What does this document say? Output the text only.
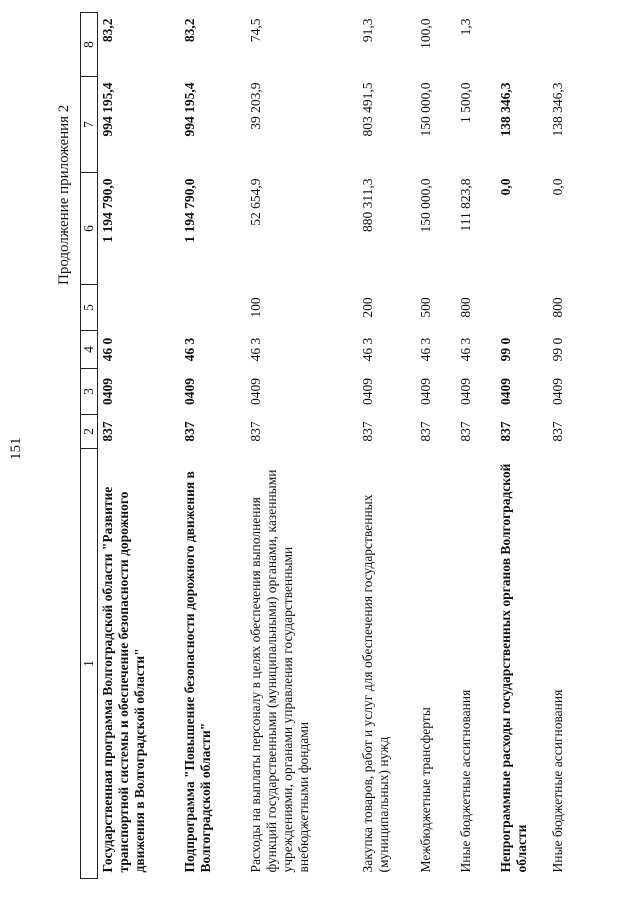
151
Продолжение приложения 2
1	2	3	4	5	6	7	8
Государственная программа Волгоградской области "Развитие транспортной системы и обеспечение безопасности дорожного движения в Волгоградской области"	837	0409	46 0		1 194 790,0	994 195,4	83,2
Подпрограмма "Повышение безопасности дорожного движения в Волгоградской области"	837	0409	46 3		1 194 790,0	994 195,4	83,2
Расходы на выплаты персоналу в целях обеспечения выполнения функций государственными (муниципальными) органами, казенными учреждениями, органами управления государственными внебюджетными фондами	837	0409	46 3	100	52 654,9	39 203,9	74,5
Закупка товаров, работ и услуг для обеспечения государственных (муниципальных) нужд	837	0409	46 3	200	880 311,3	803 491,5	91,3
Межбюджетные трансферты	837	0409	46 3	500	150 000,0	150 000,0	100,0
Иные бюджетные ассигнования	837	0409	46 3	800	111 823,8	1 500,0	1,3
Непрограммные расходы государственных органов Волгоградской области	837	0409	99 0		0,0	138 346,3	
Иные бюджетные ассигнования	837	0409	99 0	800	0,0	138 346,3	
